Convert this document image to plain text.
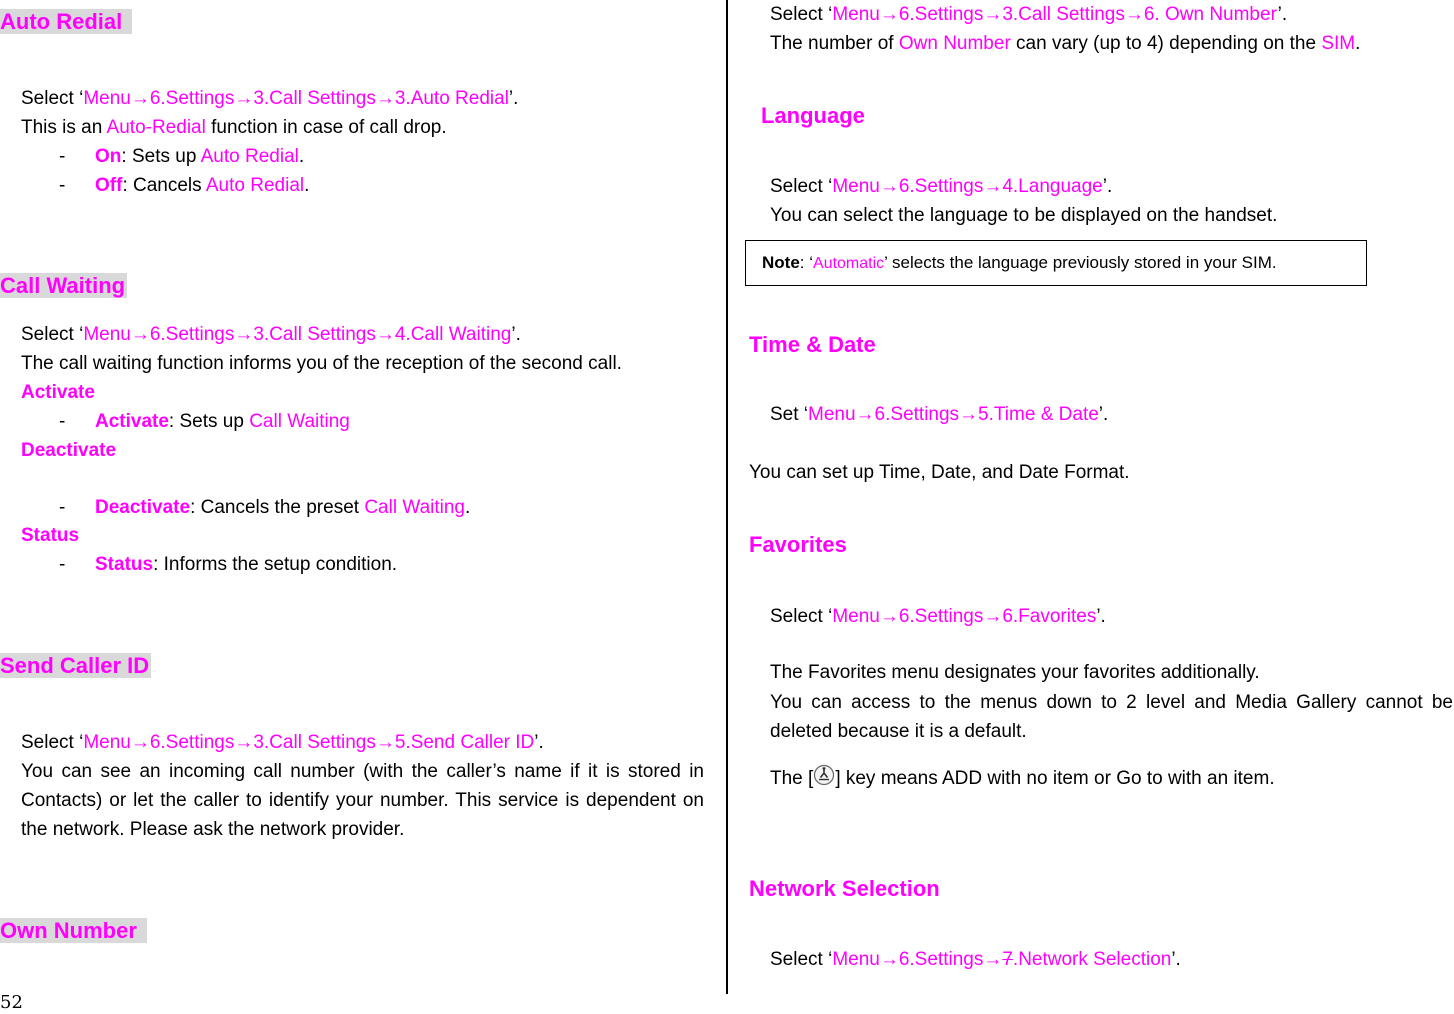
Auto Redial
Select ‘Menu→6.Settings→3.Call Settings→3.Auto Redial’.
This is an Auto-Redial function in case of call drop.
- On: Sets up Auto Redial.
- Off: Cancels Auto Redial.
Call Waiting
Select ‘Menu→6.Settings→3.Call Settings→4.Call Waiting’.
The call waiting function informs you of the reception of the second call.
Activate
- Activate: Sets up Call Waiting
Deactivate
- Deactivate: Cancels the preset Call Waiting.
Status
- Status: Informs the setup condition.
Send Caller ID
Select ‘Menu→6.Settings→3.Call Settings→5.Send Caller ID’.
You can see an incoming call number (with the caller’s name if it is stored in Contacts) or let the caller to identify your number. This service is dependent on the network. Please ask the network provider.
Own Number
Select ‘Menu→6.Settings→3.Call Settings→6. Own Number’.
The number of Own Number can vary (up to 4) depending on the SIM.
Language
Select ‘Menu→6.Settings→4.Language’.
You can select the language to be displayed on the handset.
Note: ‘Automatic’ selects the language previously stored in your SIM.
Time & Date
Set ‘Menu→6.Settings→5.Time & Date’.
You can set up Time, Date, and Date Format.
Favorites
Select ‘Menu→6.Settings→6.Favorites’.
The Favorites menu designates your favorites additionally.
You can access to the menus down to 2 level and Media Gallery cannot be deleted because it is a default.
The [ ] key means ADD with no item or Go to with an item.
Network Selection
Select ‘Menu→6.Settings→7.Network Selection’.
52
